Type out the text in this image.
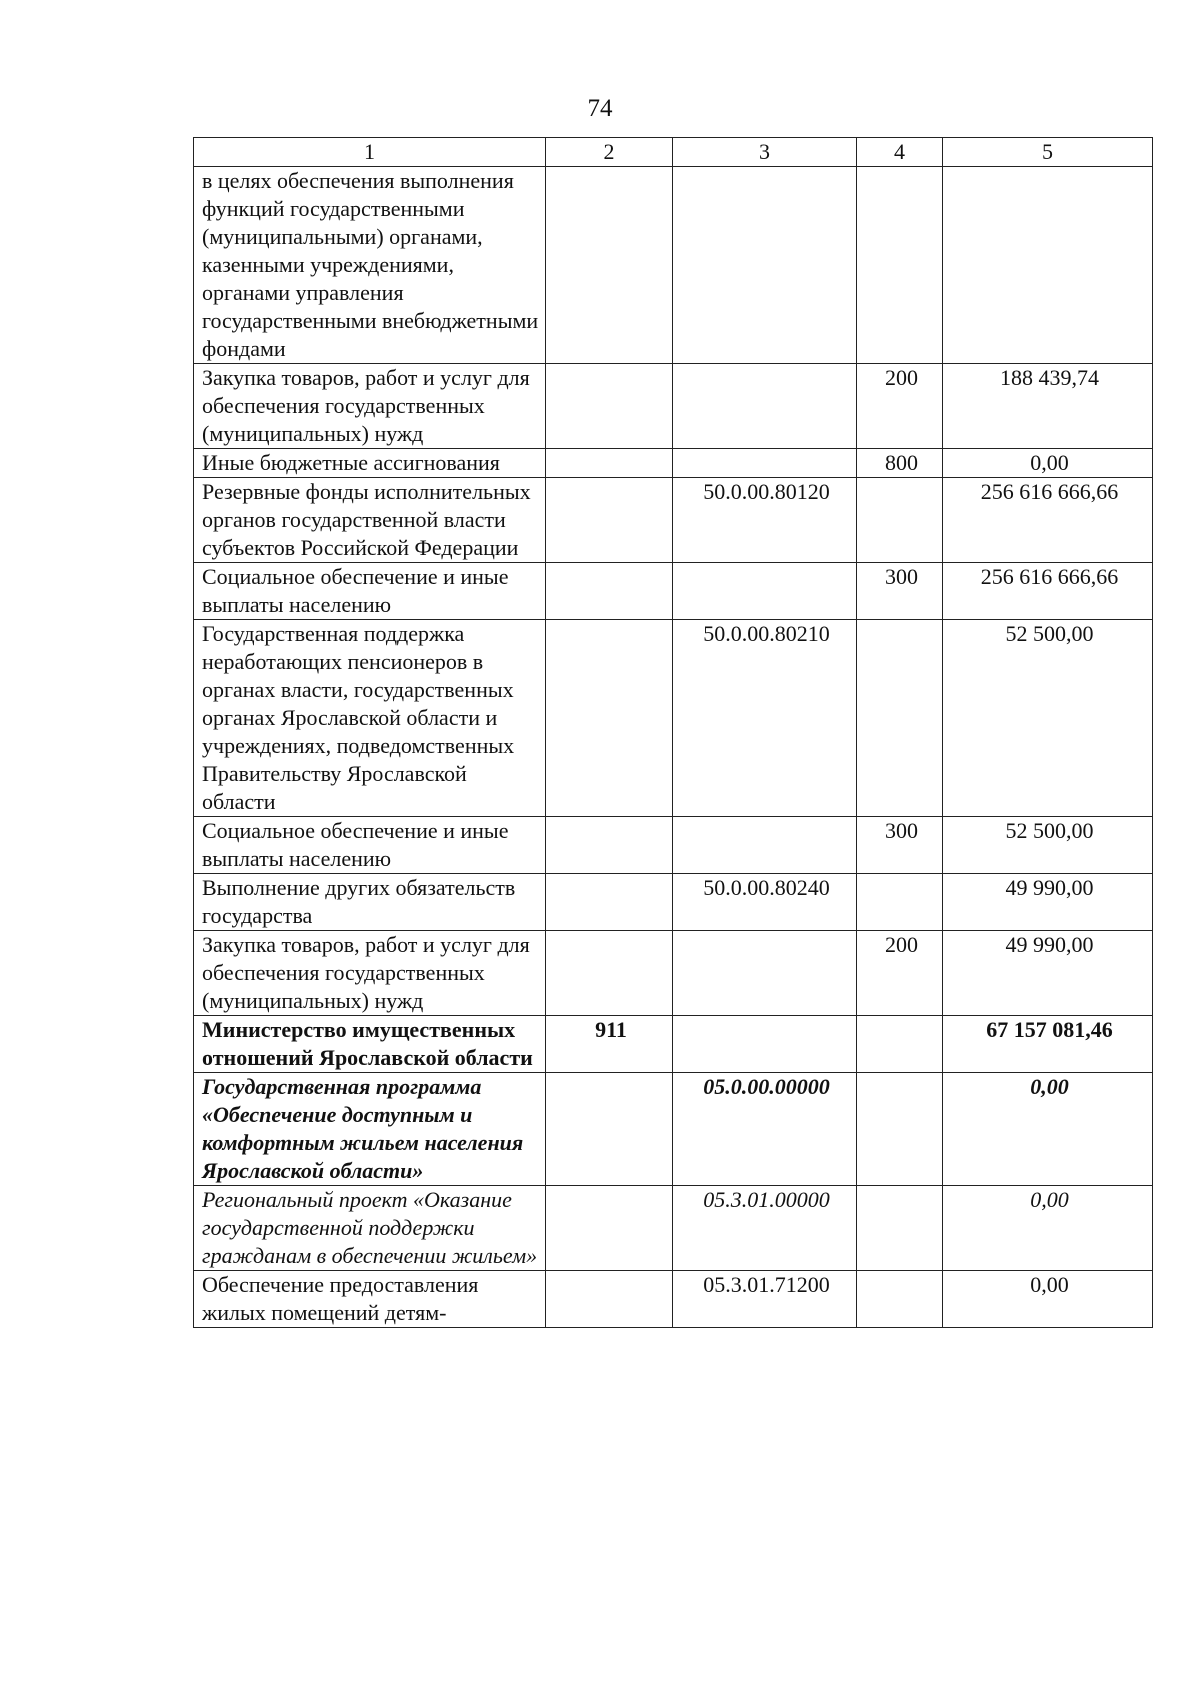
74
1	2	3	4	5
в целях обеспечения выполнения функций государственными (муниципальными) органами, казенными учреждениями, органами управления государственными внебюджетными фондами				
Закупка товаров, работ и услуг для обеспечения государственных (муниципальных) нужд			200	188 439,74
Иные бюджетные ассигнования			800	0,00
Резервные фонды исполнительных органов государственной власти субъектов Российской Федерации		50.0.00.80120		256 616 666,66
Социальное обеспечение и иные выплаты населению			300	256 616 666,66
Государственная поддержка неработающих пенсионеров в органах власти, государственных органах Ярославской области и учреждениях, подведомственных Правительству Ярославской области		50.0.00.80210		52 500,00
Социальное обеспечение и иные выплаты населению			300	52 500,00
Выполнение других обязательств государства		50.0.00.80240		49 990,00
Закупка товаров, работ и услуг для обеспечения государственных (муниципальных) нужд			200	49 990,00
Министерство имущественных отношений Ярославской области	911			67 157 081,46
Государственная программа «Обеспечение доступным и комфортным жильем населения Ярославской области»		05.0.00.00000		0,00
Региональный проект «Оказание государственной поддержки гражданам в обеспечении жильем»		05.3.01.00000		0,00
Обеспечение предоставления жилых помещений детям-		05.3.01.71200		0,00
